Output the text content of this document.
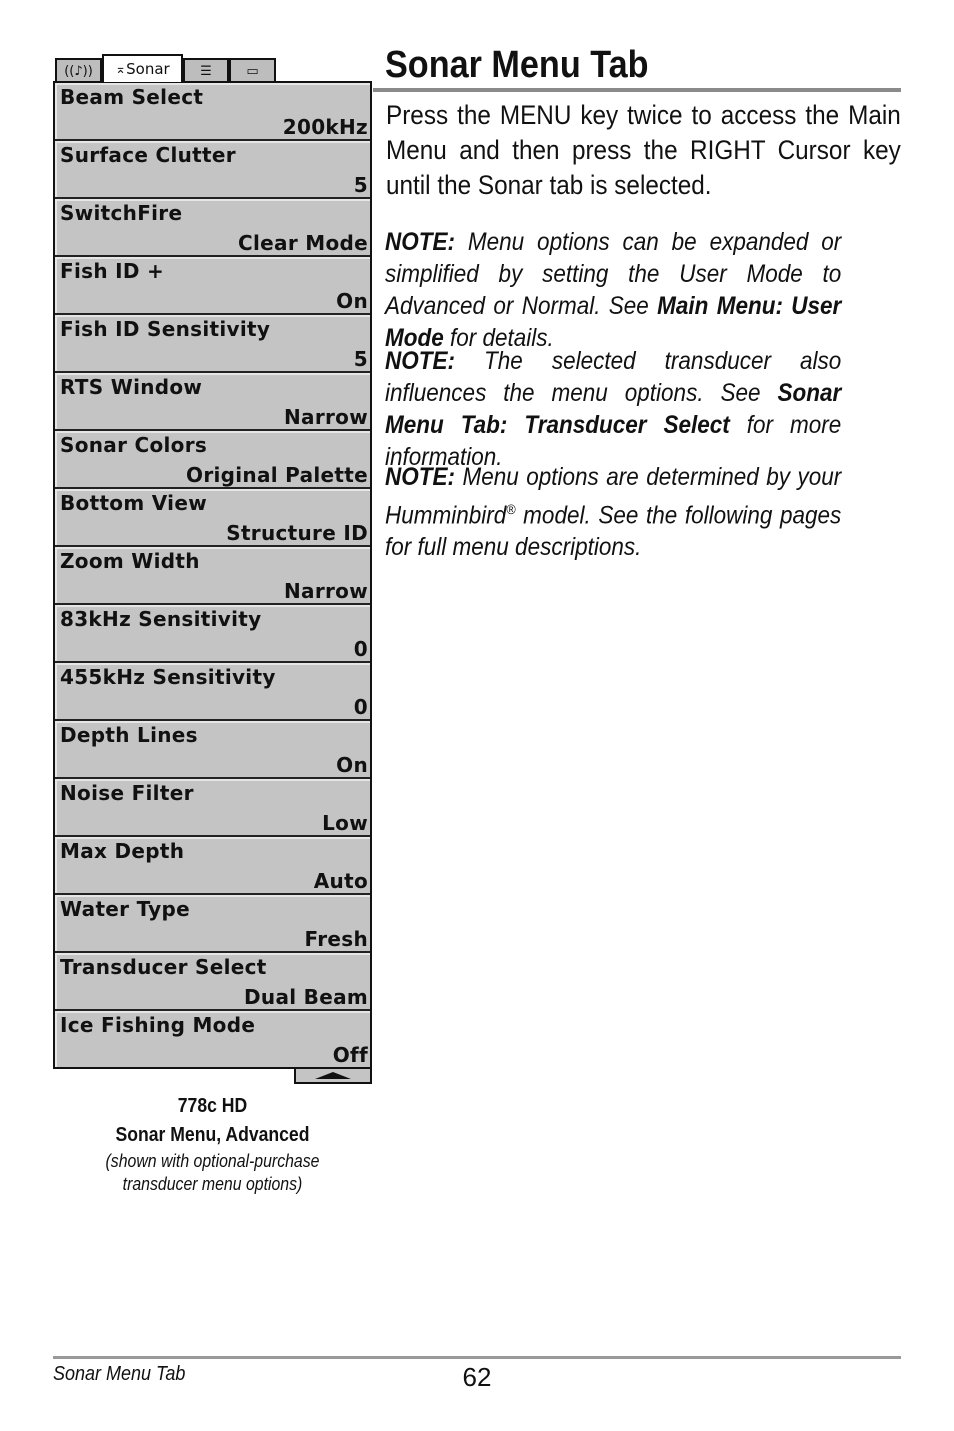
((♪)) ⌅ Sonar ☰	▭
Beam Select
200kHz
Surface Clutter
5
SwitchFire
Clear Mode
Fish ID +
On
Fish ID Sensitivity
5
RTS Window
Narrow
Sonar Colors
Original Palette
Bottom View
Structure ID
Zoom Width
Narrow
83kHz Sensitivity
0
455kHz Sensitivity
0
Depth Lines
On
Noise Filter
Low
Max Depth
Auto
Water Type
Fresh
Transducer Select
Dual Beam
Ice Fishing Mode
Off
778c HD
Sonar Menu, Advanced
(shown with optional-purchase
transducer menu options)
Sonar Menu Tab
Press the MENU key twice to access the Main Menu and then press the RIGHT Cursor key until the Sonar tab is selected.
NOTE: Menu options can be expanded or simplified by setting the User Mode to Advanced or Normal. See Main Menu: User Mode for details.
NOTE: The selected transducer also influences the menu options. See Sonar Menu Tab: Transducer Select for more information.
NOTE: Menu options are determined by your Humminbird® model. See the following pages for full menu descriptions.
Sonar Menu Tab	62
